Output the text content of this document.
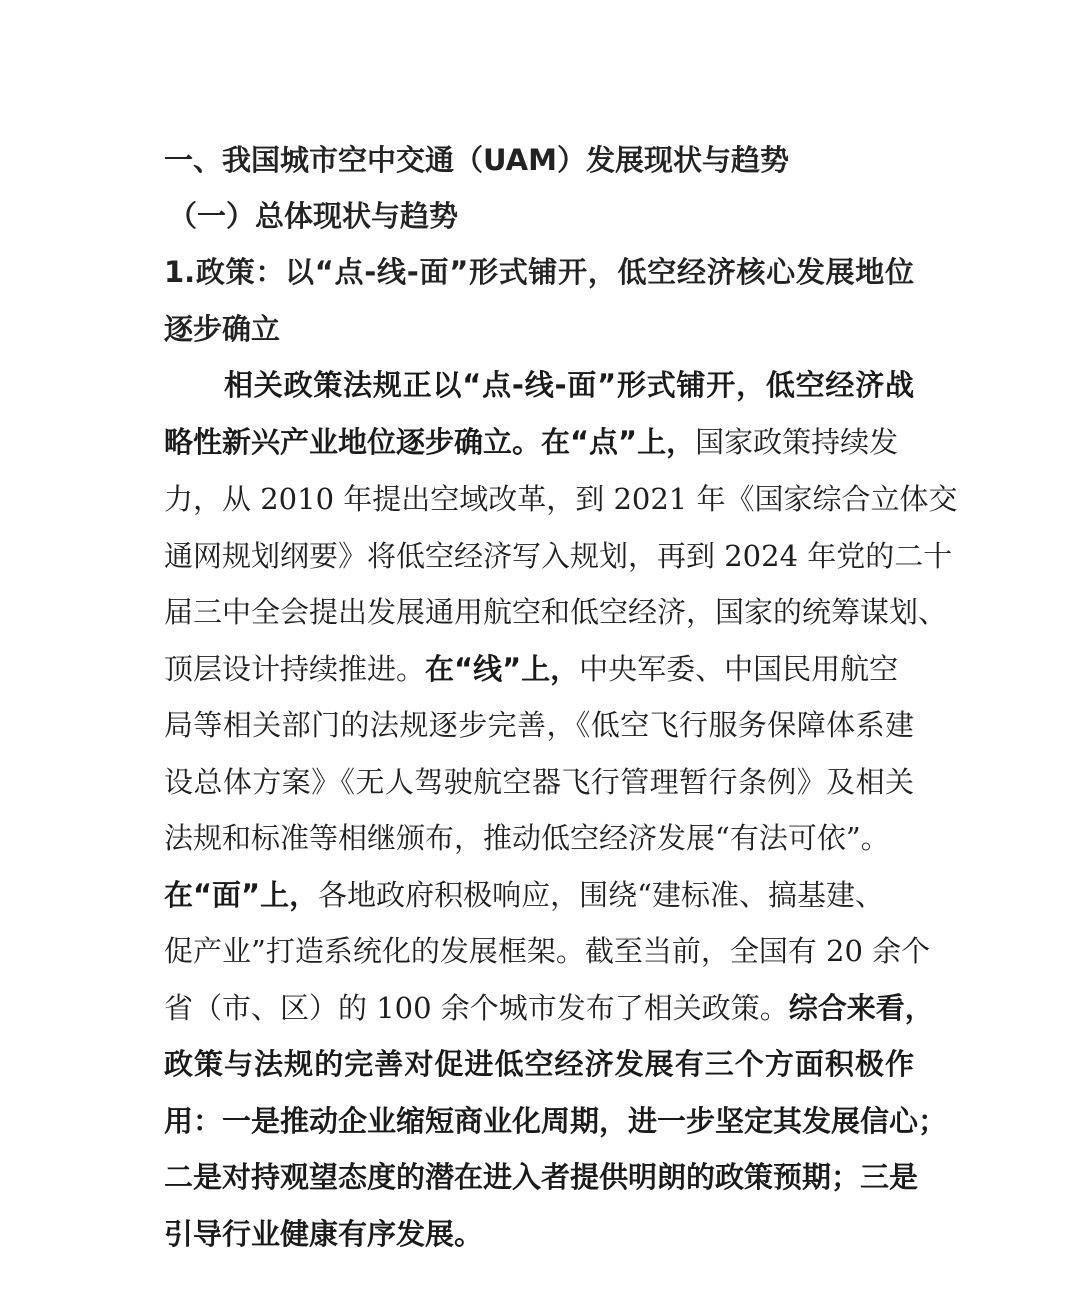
一、我国城市空中交通（UAM）发展现状与趋势

（一）总体现状与趋势

1.政策：以“点-线-面”形式铺开，低空经济核心发展地位

逐步确立

相关政策法规正以“点-线-面”形式铺开，低空经济战

略性新兴产业地位逐步确立。在“点”上，国家政策持续发

力，从 2010 年提出空域改革，到 2021 年《国家综合立体交

通网规划纲要》将低空经济写入规划，再到 2024 年党的二十

届三中全会提出发展通用航空和低空经济，国家的统筹谋划、

顶层设计持续推进。在“线”上，中央军委、中国民用航空

局等相关部门的法规逐步完善，《低空飞行服务保障体系建

设总体方案》《无人驾驶航空器飞行管理暂行条例》及相关

法规和标准等相继颁布，推动低空经济发展“有法可依”。

在“面”上，各地政府积极响应，围绕“建标准、搞基建、

促产业”打造系统化的发展框架。截至当前，全国有 20 余个

省（市、区）的 100 余个城市发布了相关政策。综合来看，

政策与法规的完善对促进低空经济发展有三个方面积极作

用：一是推动企业缩短商业化周期，进一步坚定其发展信心；

二是对持观望态度的潜在进入者提供明朗的政策预期；三是

引导行业健康有序发展。
